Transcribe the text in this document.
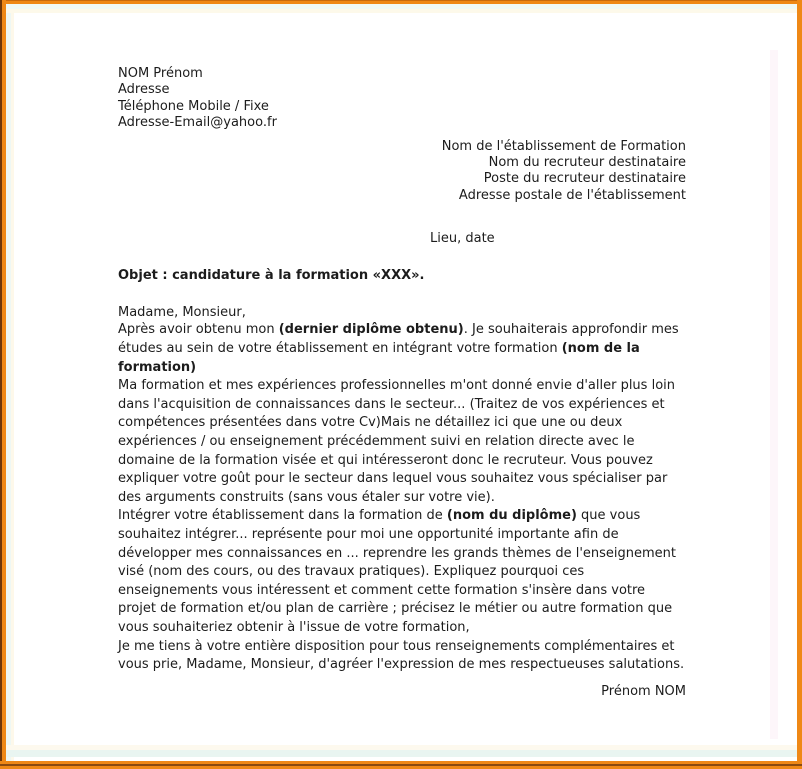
NOM Prénom
Adresse
Téléphone Mobile / Fixe
Adresse-Email@yahoo.fr
Nom de l'établissement de Formation
Nom du recruteur destinataire
Poste du recruteur destinataire
Adresse postale de l'établissement
Lieu, date
Objet : candidature à la formation «XXX».
Madame, Monsieur,

Après avoir obtenu mon (dernier diplôme obtenu). Je souhaiterais approfondir mes études au sein de votre établissement en intégrant votre formation (nom de la formation)

Ma formation et mes expériences professionnelles m'ont donné envie d'aller plus loin dans l'acquisition de connaissances dans le secteur... (Traitez de vos expériences et compétences présentées dans votre Cv)Mais ne détaillez ici que une ou deux expériences / ou enseignement précédemment suivi en relation directe avec le domaine de la formation visée et qui intéresseront donc le recruteur. Vous pouvez expliquer votre goût pour le secteur dans lequel vous souhaitez vous spécialiser par des arguments construits (sans vous étaler sur votre vie).

Intégrer votre établissement dans la formation de (nom du diplôme) que vous souhaitez intégrer... représente pour moi une opportunité importante afin de développer mes connaissances en ... reprendre les grands thèmes de l'enseignement visé (nom des cours, ou des travaux pratiques). Expliquez pourquoi ces enseignements vous intéressent et comment cette formation s'insère dans votre projet de formation et/ou plan de carrière ; précisez le métier ou autre formation que vous souhaiteriez obtenir à l'issue de votre formation,

Je me tiens à votre entière disposition pour tous renseignements complémentaires et vous prie, Madame, Monsieur, d'agréer l'expression de mes respectueuses salutations.

Prénom NOM
